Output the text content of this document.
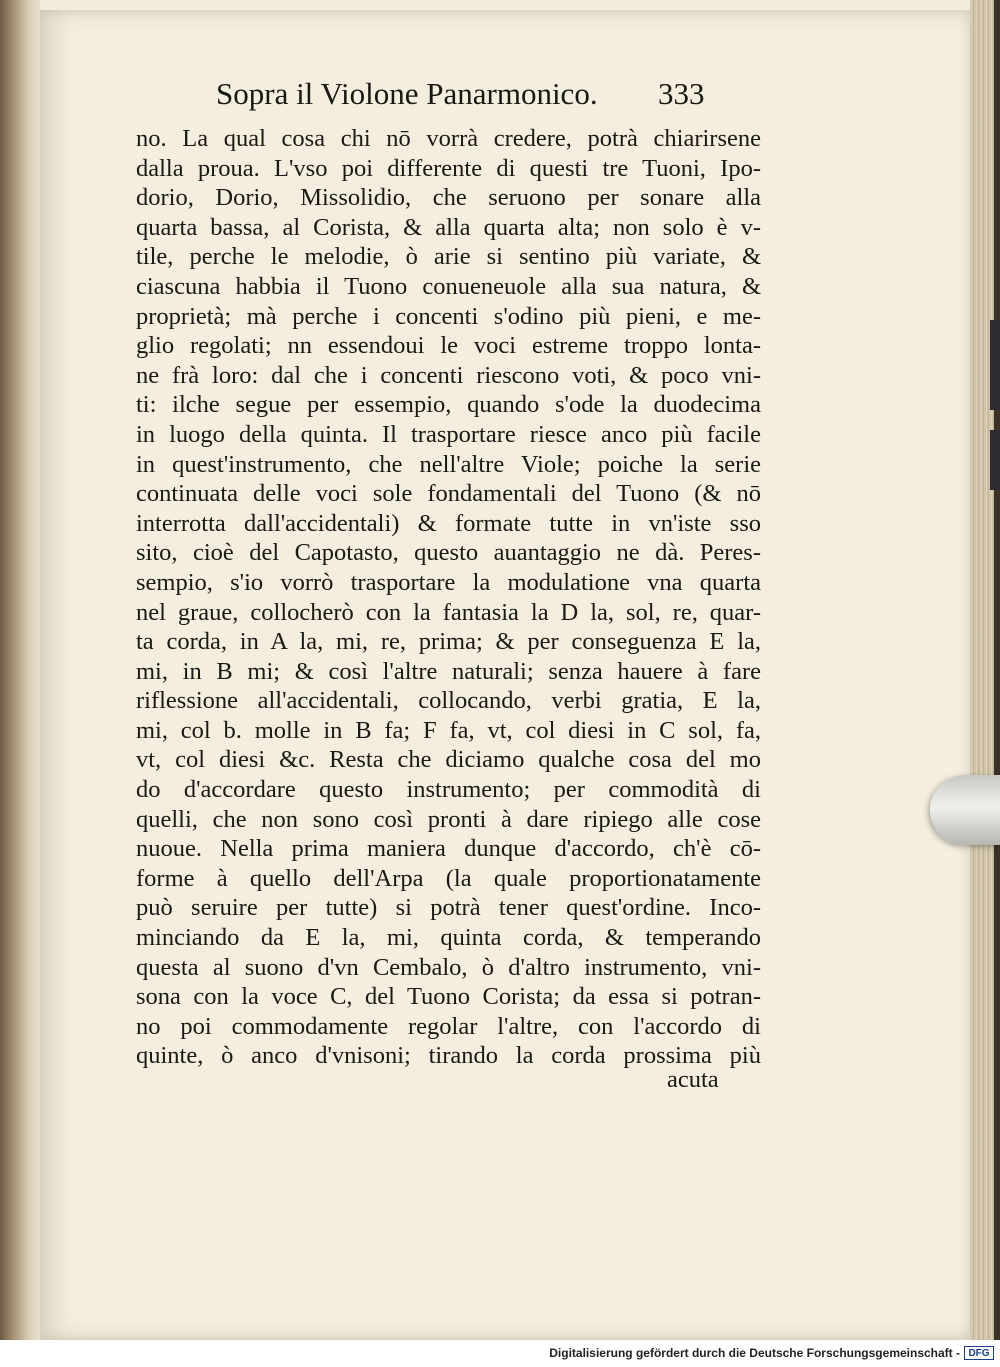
Sopra il Violone Panarmonico. 333
no. La qual cosa chi nō vorrà credere, potrà chiarirsene
dalla proua. L'vso poi differente di questi tre Tuoni, Ipo-
dorio, Dorio, Missolidio, che seruono per sonare alla
quarta bassa, al Corista, & alla quarta alta; non solo è v-
tile, perche le melodie, ò arie si sentino più variate, &
ciascuna habbia il Tuono conueneuole alla sua natura, &
proprietà; mà perche i concenti s'odino più pieni, e me-
glio regolati; nn essendoui le voci estreme troppo lonta-
ne frà loro: dal che i concenti riescono voti, & poco vni-
ti: ilche segue per essempio, quando s'ode la duodecima
in luogo della quinta. Il trasportare riesce anco più facile
in quest'instrumento, che nell'altre Viole; poiche la serie
continuata delle voci sole fondamentali del Tuono (& nō
interrotta dall'accidentali) & formate tutte in vn'iste sso
sito, cioè del Capotasto, questo auantaggio ne dà. Peres-
sempio, s'io vorrò trasportare la modulatione vna quarta
nel graue, collocherò con la fantasia la D la, sol, re, quar-
ta corda, in A la, mi, re, prima; & per conseguenza E la,
mi, in B mi; & così l'altre naturali; senza hauere à fare
riflessione all'accidentali, collocando, verbi gratia, E la,
mi, col b. molle in B fa; F fa, vt, col diesi in C sol, fa,
vt, col diesi &c. Resta che diciamo qualche cosa del mo
do d'accordare questo instrumento; per commodità di
quelli, che non sono così pronti à dare ripiego alle cose
nuoue. Nella prima maniera dunque d'accordo, ch'è cō-
forme à quello dell'Arpa (la quale proportionatamente
può seruire per tutte) si potrà tener quest'ordine. Inco-
minciando da E la, mi, quinta corda, & temperando
questa al suono d'vn Cembalo, ò d'altro instrumento, vni-
sona con la voce C, del Tuono Corista; da essa si potran-
no poi commodamente regolar l'altre, con l'accordo di
quinte, ò anco d'vnisoni; tirando la corda prossima più
acuta
Digitalisierung gefördert durch die Deutsche Forschungsgemeinschaft - DFG
